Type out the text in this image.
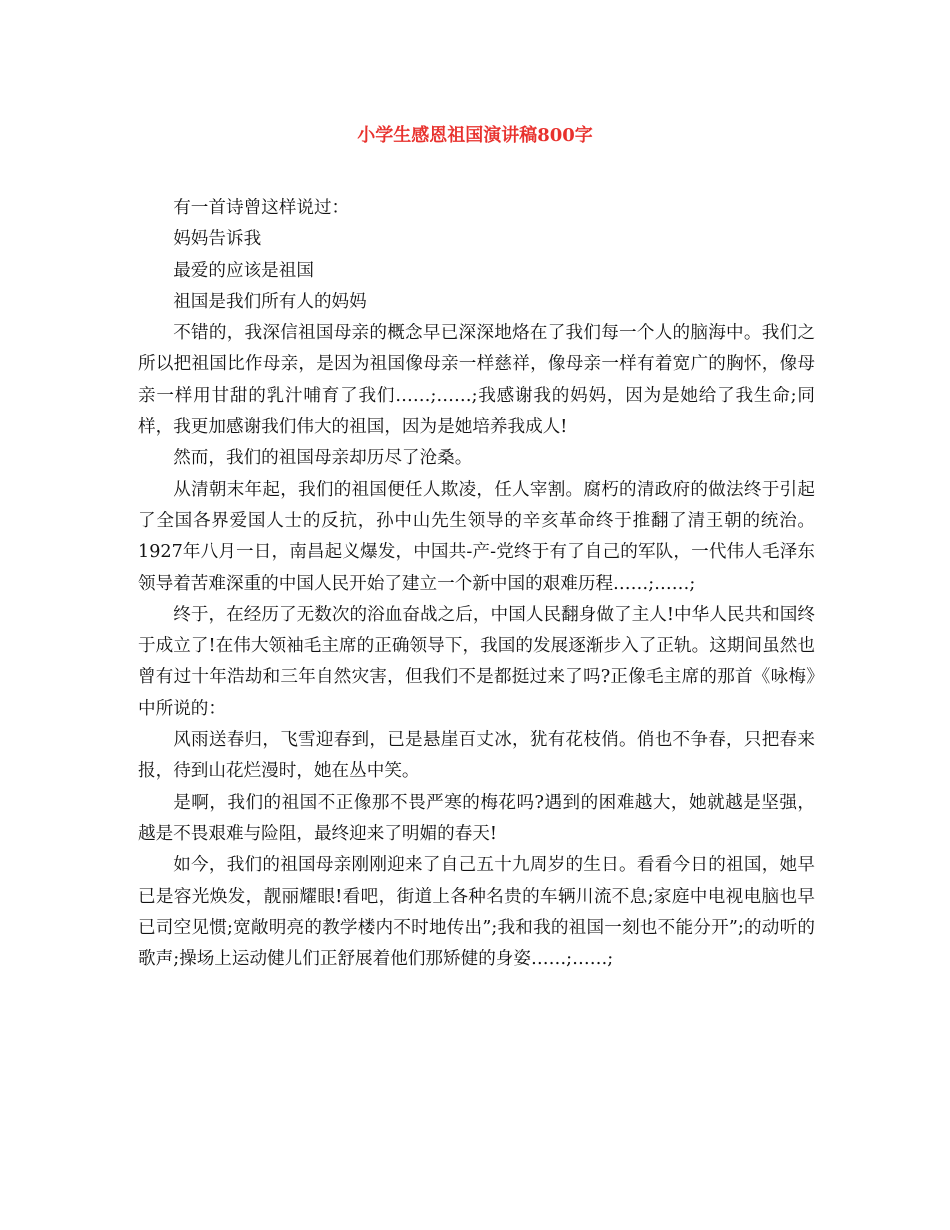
小学生感恩祖国演讲稿800字

有一首诗曾这样说过：

妈妈告诉我

最爱的应该是祖国

祖国是我们所有人的妈妈

不错的，我深信祖国母亲的概念早已深深地烙在了我们每一个人的脑海中。我们之所以把祖国比作母亲，是因为祖国像母亲一样慈祥，像母亲一样有着宽广的胸怀，像母亲一样用甘甜的乳汁哺育了我们……;……;我感谢我的妈妈，因为是她给了我生命;同样，我更加感谢我们伟大的祖国，因为是她培养我成人!

然而，我们的祖国母亲却历尽了沧桑。

从清朝末年起，我们的祖国便任人欺凌，任人宰割。腐朽的清政府的做法终于引起了全国各界爱国人士的反抗，孙中山先生领导的辛亥革命终于推翻了清王朝的统治。1927年八月一日，南昌起义爆发，中国共-产-党终于有了自己的军队，一代伟人毛泽东领导着苦难深重的中国人民开始了建立一个新中国的艰难历程……;……;

终于，在经历了无数次的浴血奋战之后，中国人民翻身做了主人!中华人民共和国终于成立了!在伟大领袖毛主席的正确领导下，我国的发展逐渐步入了正轨。这期间虽然也曾有过十年浩劫和三年自然灾害，但我们不是都挺过来了吗?正像毛主席的那首《咏梅》中所说的：

风雨送春归，飞雪迎春到，已是悬崖百丈冰，犹有花枝俏。俏也不争春，只把春来报，待到山花烂漫时，她在丛中笑。

是啊，我们的祖国不正像那不畏严寒的梅花吗?遇到的困难越大，她就越是坚强，越是不畏艰难与险阻，最终迎来了明媚的春天!

如今，我们的祖国母亲刚刚迎来了自己五十九周岁的生日。看看今日的祖国，她早已是容光焕发，靓丽耀眼!看吧，街道上各种名贵的车辆川流不息;家庭中电视电脑也早已司空见惯;宽敞明亮的教学楼内不时地传出”;我和我的祖国一刻也不能分开”;的动听的歌声;操场上运动健儿们正舒展着他们那矫健的身姿……;……;
